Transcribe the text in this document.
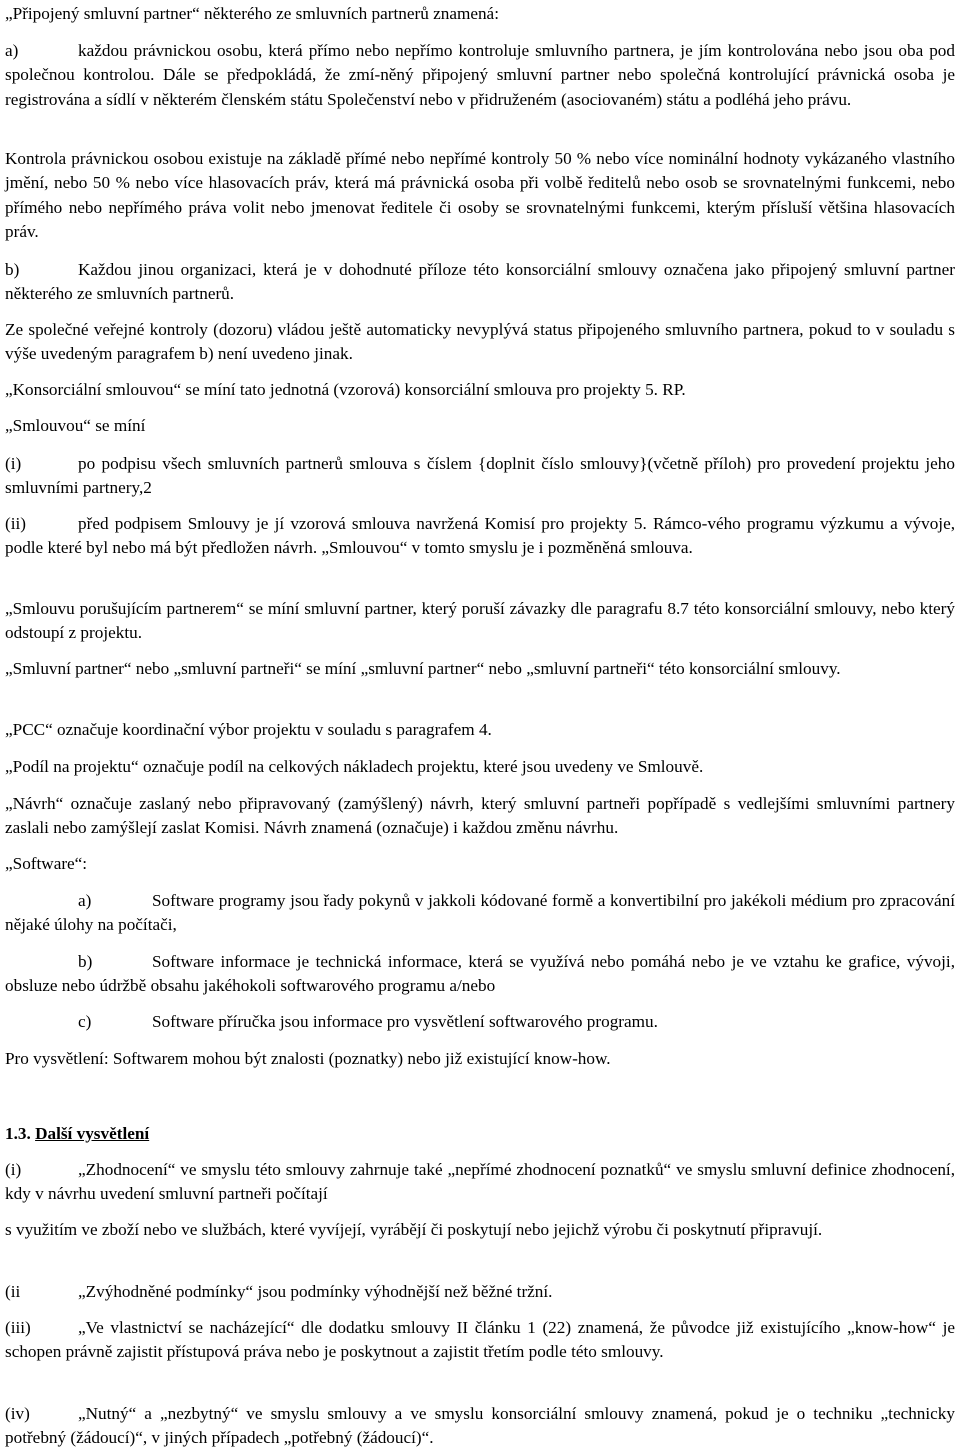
„Připojený smluvní partner“ některého ze smluvních partnerů znamená:

a)	každou právnickou osobu, která přímo nebo nepřímo kontroluje smluvního partnera, je jím kontrolována nebo jsou oba pod společnou kontrolou. Dále se předpokládá, že zmí-něný připojený smluvní partner nebo společná kontrolující právnická osoba je registrována a sídlí v některém členském státu Společenství nebo v přidruženém (asociovaném) státu a podléhá jeho právu.

Kontrola právnickou osobou existuje na základě přímé nebo nepřímé kontroly 50 % nebo více nominální hodnoty vykázaného vlastního jmění, nebo 50 % nebo více hlasovacích práv, která má právnická osoba při volbě ředitelů nebo osob se srovnatelnými funkcemi, nebo přímého nebo nepřímého práva volit nebo jmenovat ředitele či osoby se srovnatelnými funkcemi, kterým přísluší většina hlasovacích práv.

b)	Každou jinou organizaci, která je v dohodnuté příloze této konsorciální smlouvy označena jako připojený smluvní partner některého ze smluvních partnerů.

Ze společné veřejné kontroly (dozoru) vládou ještě automaticky nevyplývá status připojeného smluvního partnera, pokud to v souladu s výše uvedeným paragrafem b) není uvedeno jinak.

„Konsorciální smlouvou“ se míní tato jednotná (vzorová) konsorciální smlouva pro projekty 5. RP.

„Smlouvou“ se míní

(i)	po podpisu všech smluvních partnerů smlouva s číslem {doplnit číslo smlouvy}(včetně příloh) pro provedení projektu jeho smluvními partnery,2

(ii)	před podpisem Smlouvy je jí vzorová smlouva navržená Komisí pro projekty 5. Rámco-vého programu výzkumu a vývoje, podle které byl nebo má být předložen návrh. „Smlouvou“ v tomto smyslu je i pozměněná smlouva.

„Smlouvu porušujícím partnerem“ se míní smluvní partner, který poruší závazky dle paragrafu 8.7 této konsorciální smlouvy, nebo který odstoupí z projektu.

„Smluvní partner“ nebo „smluvní partneři“ se míní „smluvní partner“ nebo „smluvní partneři“ této konsorciální smlouvy.

„PCC“ označuje koordinační výbor projektu v souladu s paragrafem 4.

„Podíl na projektu“ označuje podíl na celkových nákladech projektu, které jsou uvedeny ve Smlouvě.

„Návrh“ označuje zaslaný nebo připravovaný (zamýšlený) návrh, který smluvní partneři popřípadě s vedlejšími smluvními partnery zaslali nebo zamýšlejí zaslat Komisi. Návrh znamená (označuje) i každou změnu návrhu.

„Software“:

a)	Software programy jsou řady pokynů v jakkoli kódované formě a konvertibilní pro jakékoli médium pro zpracování nějaké úlohy na počítači,

b)	Software informace je technická informace, která se využívá nebo pomáhá nebo je ve vztahu ke grafice, vývoji, obsluze nebo údržbě obsahu jakéhokoli softwarového programu a/nebo

c)	Software příručka jsou informace pro vysvětlení softwarového programu.

Pro vysvětlení: Softwarem mohou být znalosti (poznatky) nebo již existující know-how.

1.3. Další vysvětlení

(i)	„Zhodnocení“ ve smyslu této smlouvy zahrnuje také „nepřímé zhodnocení poznatků“ ve smyslu smluvní definice zhodnocení, kdy v návrhu uvedení smluvní partneři počítají

s využitím ve zboží nebo ve službách, které vyvíjejí, vyrábějí či poskytují nebo jejichž výrobu či poskytnutí připravují.

(ii	„Zvýhodněné podmínky“ jsou podmínky výhodnější než běžné tržní.

(iii)	„Ve vlastnictví se nacházející“ dle dodatku smlouvy II článku 1 (22) znamená, že původce již existujícího „know-how“ je schopen právně zajistit přístupová práva nebo je poskytnout a zajistit třetím podle této smlouvy.

(iv)	„Nutný“ a „nezbytný“ ve smyslu smlouvy a ve smyslu konsorciální smlouvy znamená, pokud je o techniku „technicky potřebný (žádoucí)“, v jiných případech „potřebný (žádoucí)“.
